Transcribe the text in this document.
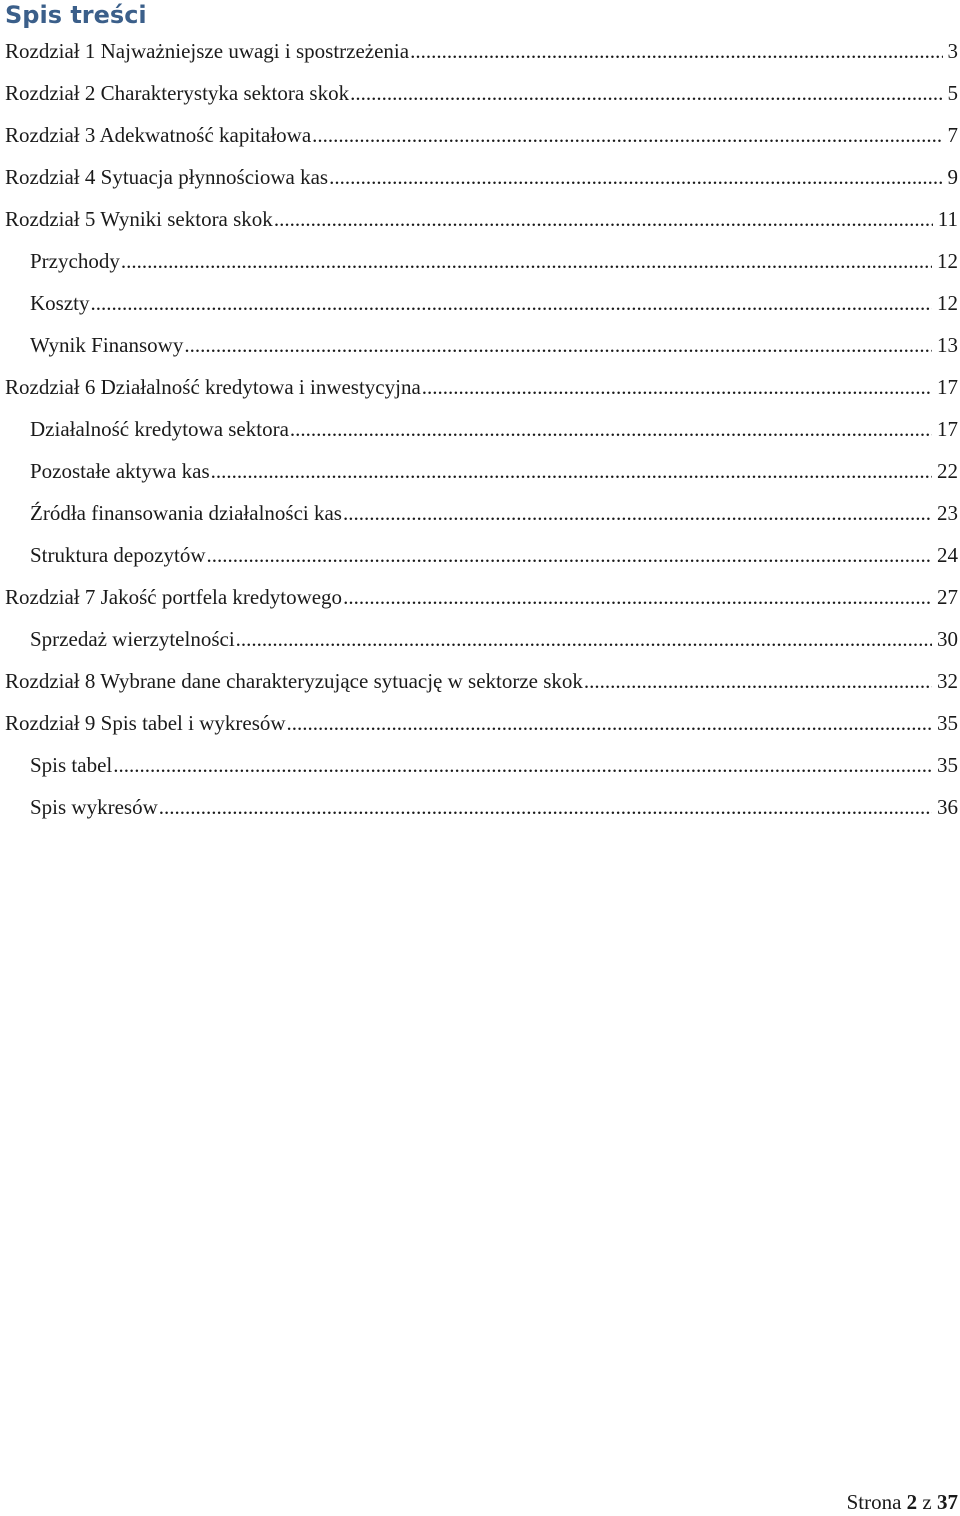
Spis treści
Rozdział 1 Najważniejsze uwagi i spostrzeżenia .....	3
Rozdział 2 Charakterystyka sektora skok .....	5
Rozdział 3 Adekwatność kapitałowa .....	7
Rozdział 4 Sytuacja płynnościowa kas .....	9
Rozdział 5 Wyniki sektora skok .....	11
Przychody .....	12
Koszty .....	12
Wynik Finansowy .....	13
Rozdział 6 Działalność kredytowa i inwestycyjna .....	17
Działalność kredytowa sektora .....	17
Pozostałe aktywa kas .....	22
Źródła finansowania działalności kas .....	23
Struktura depozytów .....	24
Rozdział 7 Jakość portfela kredytowego .....	27
Sprzedaż wierzytelności .....	30
Rozdział 8 Wybrane dane charakteryzujące sytuację w sektorze skok .....	32
Rozdział 9 Spis tabel i wykresów .....	35
Spis tabel .....	35
Spis wykresów .....	36
Strona 2 z 37
